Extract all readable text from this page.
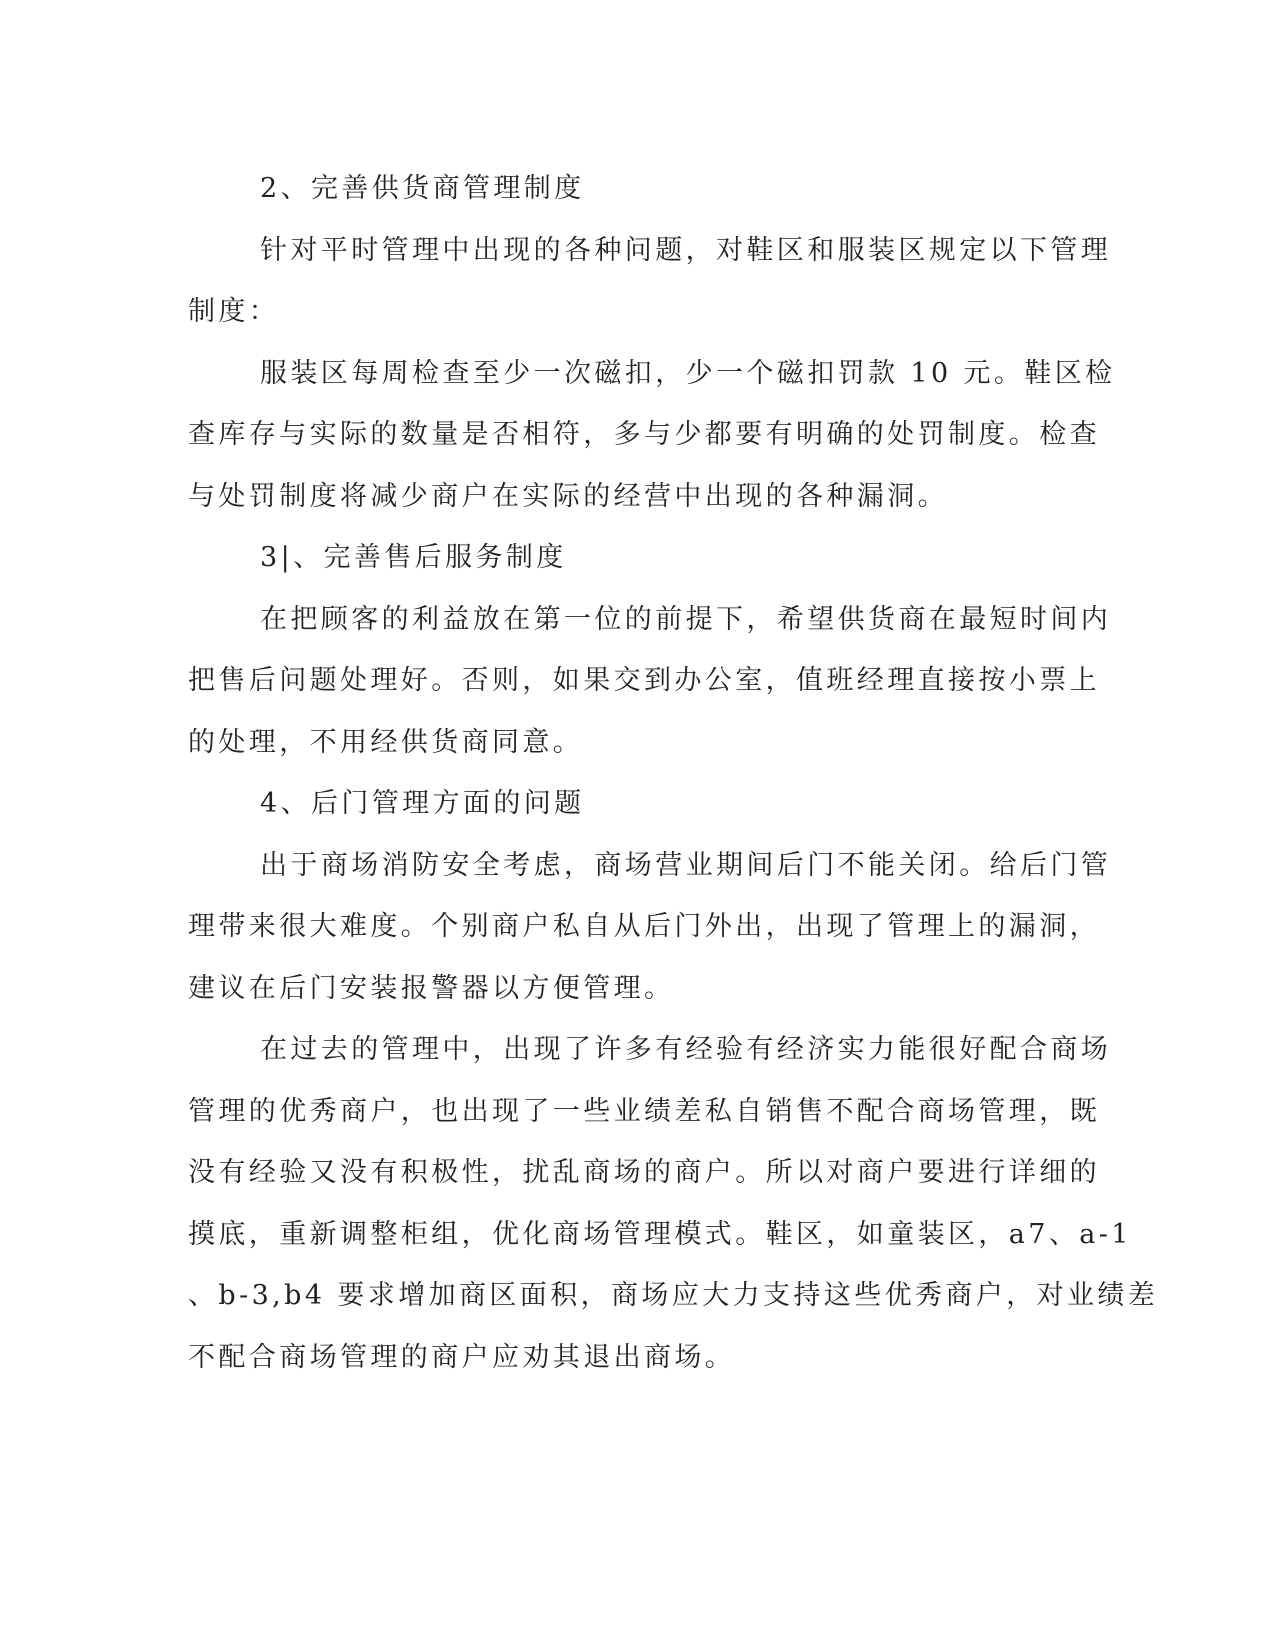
2、完善供货商管理制度
针对平时管理中出现的各种问题，对鞋区和服装区规定以下管理
制度：
服装区每周检查至少一次磁扣，少一个磁扣罚款 10 元。鞋区检
查库存与实际的数量是否相符，多与少都要有明确的处罚制度。检查
与处罚制度将减少商户在实际的经营中出现的各种漏洞。
3|、完善售后服务制度
在把顾客的利益放在第一位的前提下，希望供货商在最短时间内
把售后问题处理好。否则，如果交到办公室，值班经理直接按小票上
的处理，不用经供货商同意。
4、后门管理方面的问题
出于商场消防安全考虑，商场营业期间后门不能关闭。给后门管
理带来很大难度。个别商户私自从后门外出，出现了管理上的漏洞，
建议在后门安装报警器以方便管理。
在过去的管理中，出现了许多有经验有经济实力能很好配合商场
管理的优秀商户，也出现了一些业绩差私自销售不配合商场管理，既
没有经验又没有积极性，扰乱商场的商户。所以对商户要进行详细的
摸底，重新调整柜组，优化商场管理模式。鞋区，如童装区，a7、a-1
、b-3,b4 要求增加商区面积，商场应大力支持这些优秀商户，对业绩差
不配合商场管理的商户应劝其退出商场。
